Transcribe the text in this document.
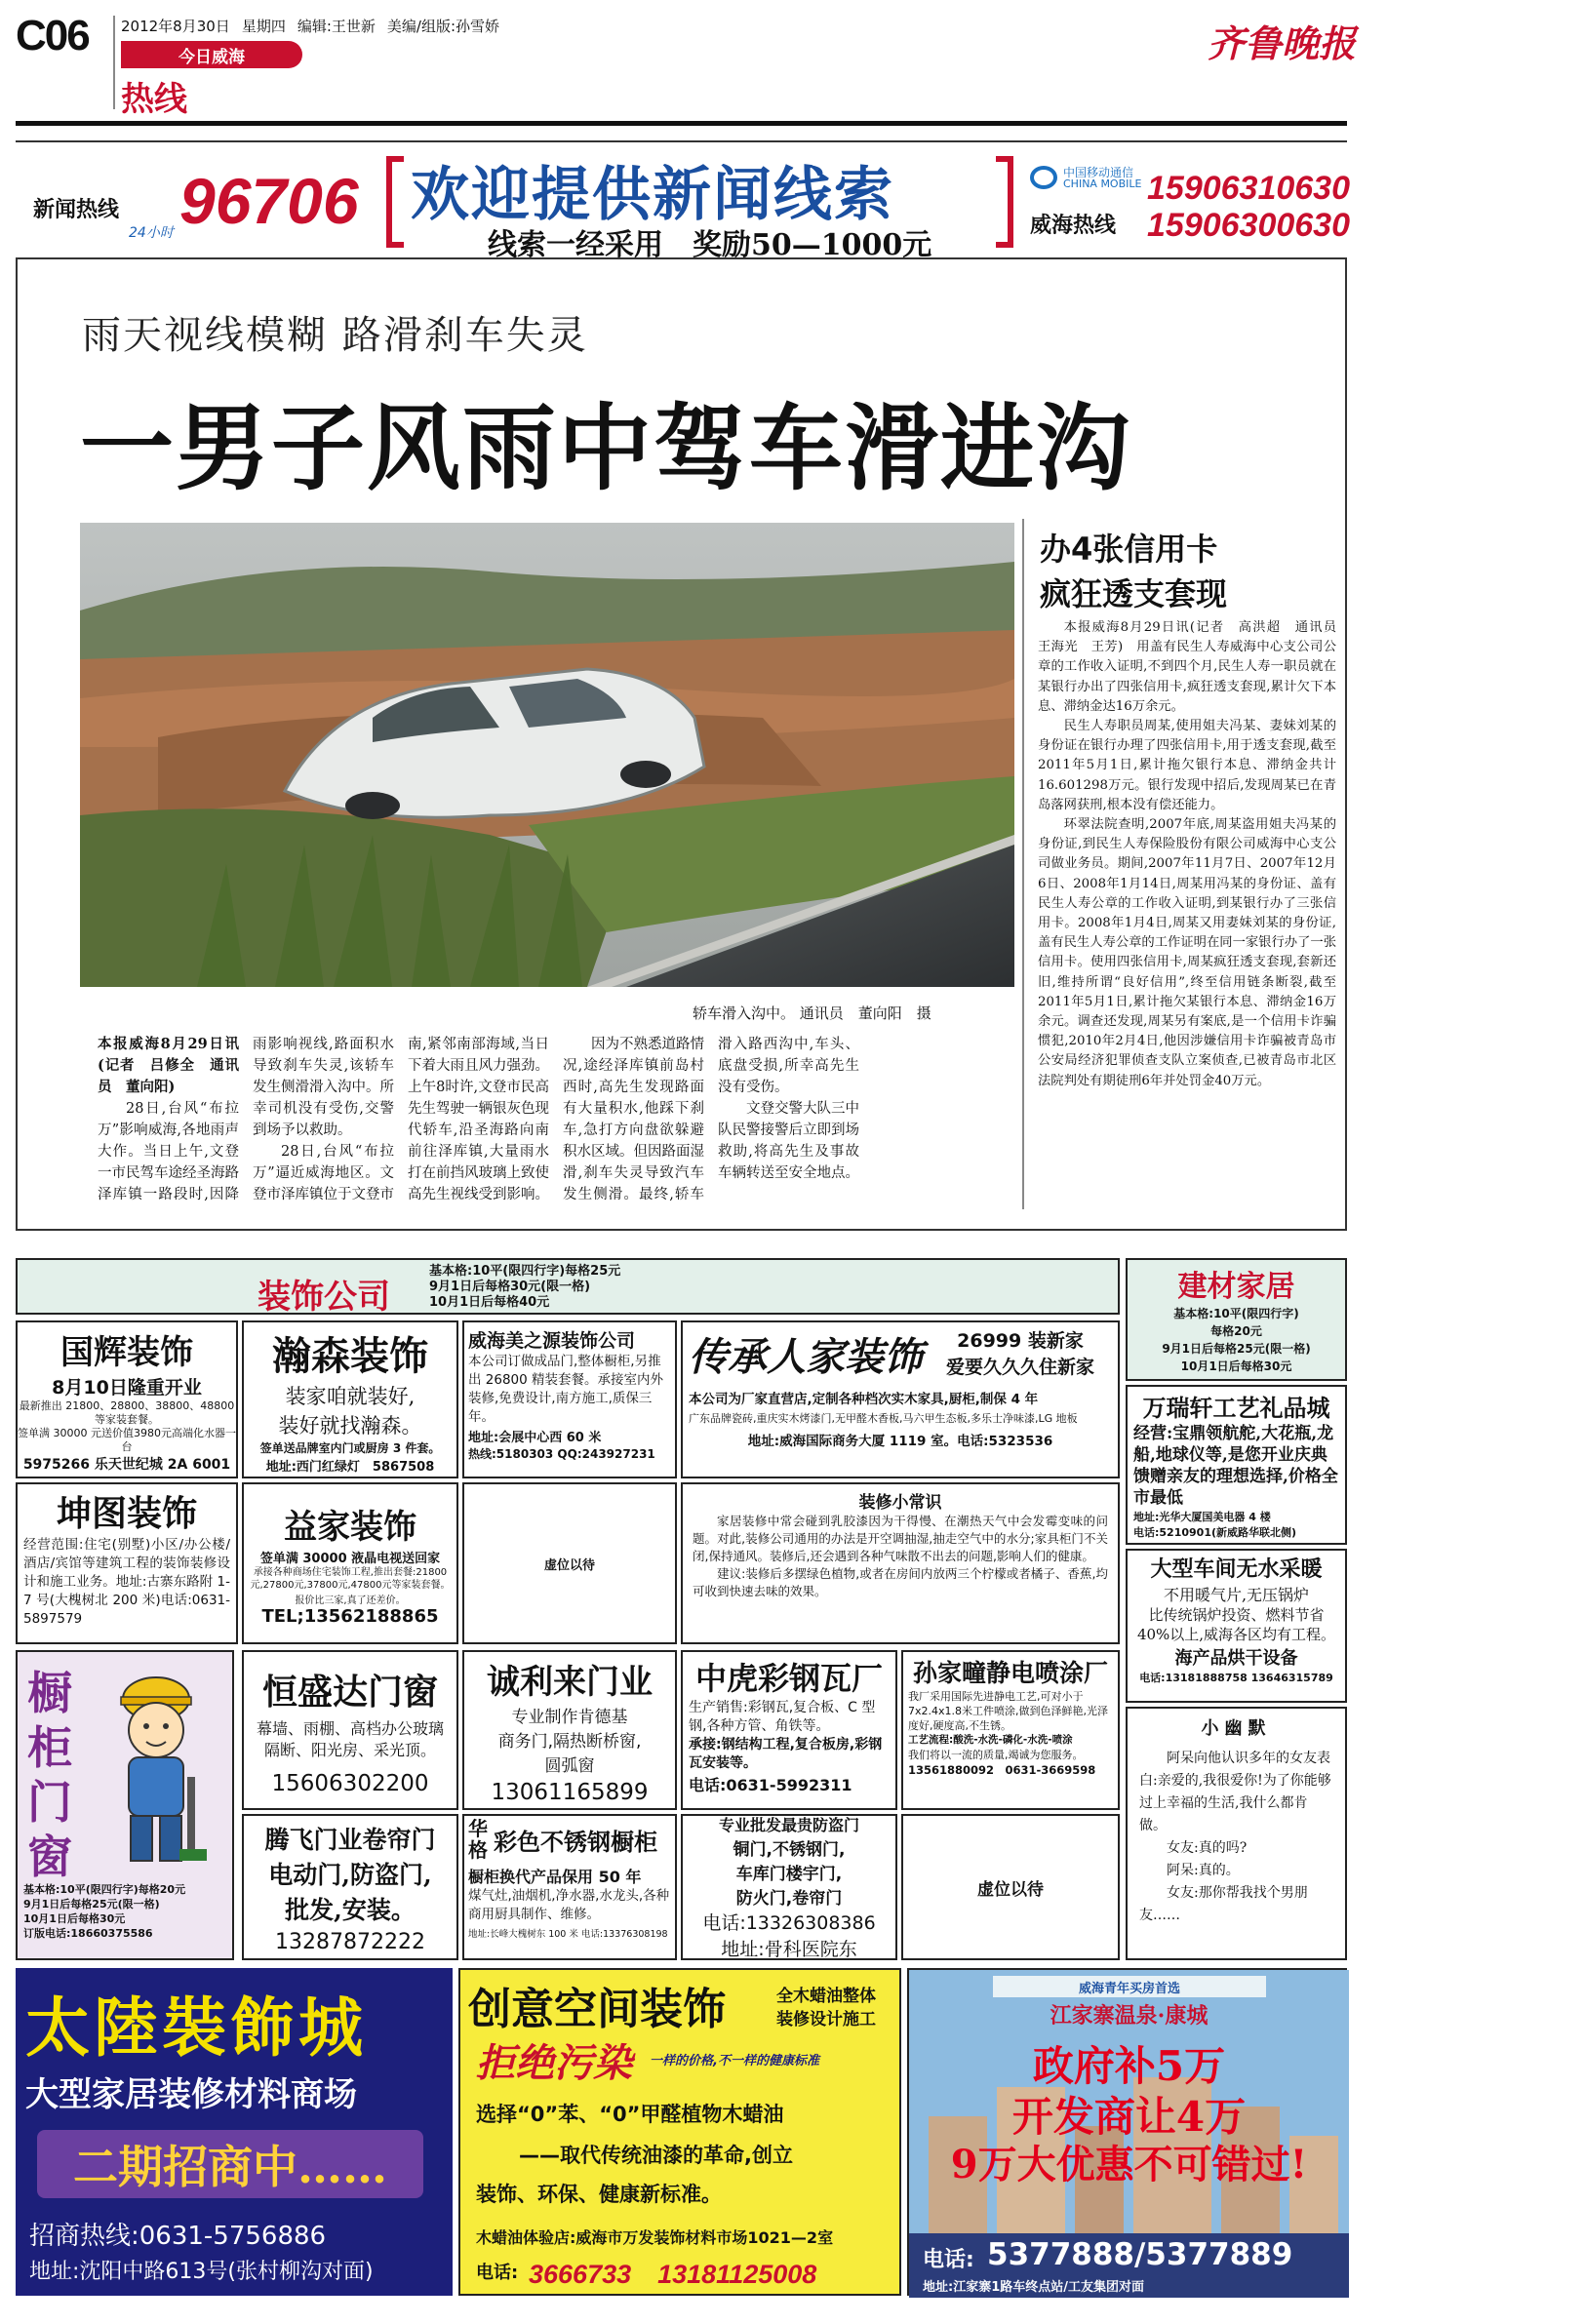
C06 2012年8月30日 星期四 编辑:王世新 美编/组版:孙雪娇
今日威海
热线
齐鲁晚报
新闻热线
24小时 96706 欢迎提供新闻线索
线索一经采用　奖励50—1000元
中国移动通信
CHINA MOBILE
威海热线
15906310630
15906300630
雨天视线模糊 路滑刹车失灵
一男子风雨中驾车滑进沟
轿车滑入沟中。 通讯员　董向阳　摄

本报威海8月29日讯(记者　吕修全　通讯员　董向阳)

28日,台风“布拉万”影响威海,各地雨声大作。当日上午,文登一市民驾车途经圣海路泽库镇一路段时,因降雨影响视线,路面积水导致刹车失灵,该轿车发生侧滑滑入沟中。所幸司机没有受伤,交警到场予以救助。

28日,台风“布拉万”逼近威海地区。文登市泽库镇位于文登市南,紧邻南部海域,当日下着大雨且风力强劲。上午8时许,文登市民高先生驾驶一辆银灰色现代轿车,沿圣海路向南前往泽库镇,大量雨水打在前挡风玻璃上致使高先生视线受到影响。

因为不熟悉道路情况,途经泽库镇前岛村西时,高先生发现路面有大量积水,他踩下刹车,急打方向盘欲躲避积水区域。但因路面湿滑,刹车失灵导致汽车发生侧滑。最终,轿车滑入路西沟中,车头、底盘受损,所幸高先生没有受伤。

文登交警大队三中队民警接警后立即到场救助,将高先生及事故车辆转送至安全地点。

办4张信用卡
疯狂透支套现

本报威海8月29日讯(记者　高洪超　通讯员　王海光　王芳)　用盖有民生人寿威海中心支公司公章的工作收入证明,不到四个月,民生人寿一职员就在某银行办出了四张信用卡,疯狂透支套现,累计欠下本息、滞纳金达16万余元。

民生人寿职员周某,使用姐夫冯某、妻妹刘某的身份证在银行办理了四张信用卡,用于透支套现,截至2011年5月1日,累计拖欠银行本息、滞纳金共计16.601298万元。银行发现中招后,发现周某已在青岛落网获刑,根本没有偿还能力。

环翠法院查明,2007年底,周某盗用姐夫冯某的身份证,到民生人寿保险股份有限公司威海中心支公司做业务员。期间,2007年11月7日、2007年12月6日、2008年1月14日,周某用冯某的身份证、盖有民生人寿公章的工作收入证明,到某银行办了三张信用卡。2008年1月4日,周某又用妻妹刘某的身份证,盖有民生人寿公章的工作证明在同一家银行办了一张信用卡。使用四张信用卡,周某疯狂透支套现,套新还旧,维持所谓“良好信用”,终至信用链条断裂,截至2011年5月1日,累计拖欠某银行本息、滞纳金16万余元。调查还发现,周某另有案底,是一个信用卡诈骗惯犯,2010年2月4日,他因涉嫌信用卡诈骗被青岛市公安局经济犯罪侦查支队立案侦查,已被青岛市北区法院判处有期徒刑6年并处罚金40万元。

装饰公司
基本格:10平(限四行字)每格25元
9月1日后每格30元(限一格)
10月1日后每格40元
国辉装饰
8月10日隆重开业
最新推出 21800、28800、38800、48800 等家装套餐。
签单满 30000 元送价值3980元高端化水器一台
5975266 乐天世纪城 2A 6001
瀚森装饰
装家咱就装好,
装好就找瀚森。
签单送品牌室内门或厨房 3 件套。
地址:西门红绿灯　5867508
威海美之源装饰公司
本公司订做成品门,整体橱柜,另推出 26800 精装套餐。承接室内外装修,免费设计,南方施工,质保三年。
地址:会展中心西 60 米
热线:5180303 QQ:243927231
传承人家装饰	26999 装新家
爱要久久久住新家
本公司为厂家直营店,定制各种档次实木家具,厨柜,制保 4 年
广东品牌瓷砖,重庆实木烤漆门,无甲醛木香板,马六甲生态板,多乐士净味漆,LG 地板
地址:威海国际商务大厦 1119 室。电话:5323536
坤图装饰
经营范围:住宅(别墅)小区/办公楼/酒店/宾馆等建筑工程的装饰装修设计和施工业务。地址:古寨东路附 1-7 号(大槐树北 200 米)电话:0631-5897579
益家装饰
签单满 30000 液晶电视送回家
承接各种商场住宅装饰工程,推出套餐:21800元,27800元,37800元,47800元等家装套餐。
报价比三家,真了还差价。
TEL;13562188865
虚位以待
装修小常识
家居装修中常会碰到乳胶漆因为干得慢、在潮热天气中会发霉变味的问题。对此,装修公司通用的办法是开空调抽湿,抽走空气中的水分;家具柜门不关闭,保持通风。装修后,还会遇到各种气味散不出去的问题,影响人们的健康。
建议:装修后多摆绿色植物,或者在房间内放两三个柠檬或者橘子、香蕉,均可收到快速去味的效果。
橱柜门窗
基本格:10平(限四行字)每格20元
9月1日后每格25元(限一格)
10月1日后每格30元
订版电话:18660375586
恒盛达门窗
幕墙、雨棚、高档办公玻璃隔断、阳光房、采光顶。
15606302200
诚利来门业
专业制作肯德基
商务门,隔热断桥窗,
圆弧窗
13061165899
中虎彩钢瓦厂
生产销售:彩钢瓦,复合板、C 型钢,各种方管、角铁等。
承接:钢结构工程,复合板房,彩钢瓦安装等。
电话:0631-5992311
孙家疃静电喷涂厂
我厂采用国际先进静电工艺,可对小于7x2.4x1.8米工件喷涂,做到色泽鲜艳,光泽度好,硬度高,不生锈。
工艺流程:酸洗-水洗-磷化-水洗-喷涂
我们将以一流的质量,竭诚为您服务。
13561880092　0631-3669598
腾飞门业卷帘门
电动门,防盗门,
批发,安装。
13287872222
华格 彩色不锈钢橱柜
橱柜换代产品保用 50 年
煤气灶,油烟机,净水器,水龙头,各种商用厨具制作、维修。
地址:长峰大槐树东 100 米 电话:13376308198
专业批发最贵防盗门
铜门,不锈钢门,
车库门楼宇门,
防火门,卷帘门
电话:13326308386
地址:骨科医院东
虚位以待
建材家居
基本格:10平(限四行字)
每格20元
9月1日后每格25元(限一格)
10月1日后每格30元
万瑞轩工艺礼品城
经营:宝鼎领航舵,大花瓶,龙船,地球仪等,是您开业庆典馈赠亲友的理想选择,价格全市最低
地址:光华大厦国美电器 4 楼
电话:5210901(新威路华联北侧)
大型车间无水采暖
不用暖气片,无压锅炉
比传统锅炉投资、燃料节省40%以上,威海各区均有工程。
海产品烘干设备
电话:13181888758 13646315789
小幽默
阿呆向他认识多年的女友表白:亲爱的,我很爱你!为了你能够过上幸福的生活,我什么都肯做。
女友:真的吗?
阿呆:真的。
女友:那你帮我找个男朋友……
太陸裝飾城
大型家居装修材料商场
二期招商中……
招商热线:0631-5756886
地址:沈阳中路613号(张村柳沟对面)
创意空间装饰	全木蜡油整体
装修设计施工
拒绝污染 一样的价格,不一样的健康标准
选择“0”苯、“0”甲醛植物木蜡油
——取代传统油漆的革命,创立
装饰、环保、健康新标准。
木蜡油体验店:威海市万发装饰材料市场1021—2室
电话: 3666733　13181125008
威海青年买房首选
江家寨温泉·康城
政府补5万
开发商让4万
9万大优惠不可错过!
电话: 5377888/5377889
地址:江家寨1路车终点站/工友集团对面
